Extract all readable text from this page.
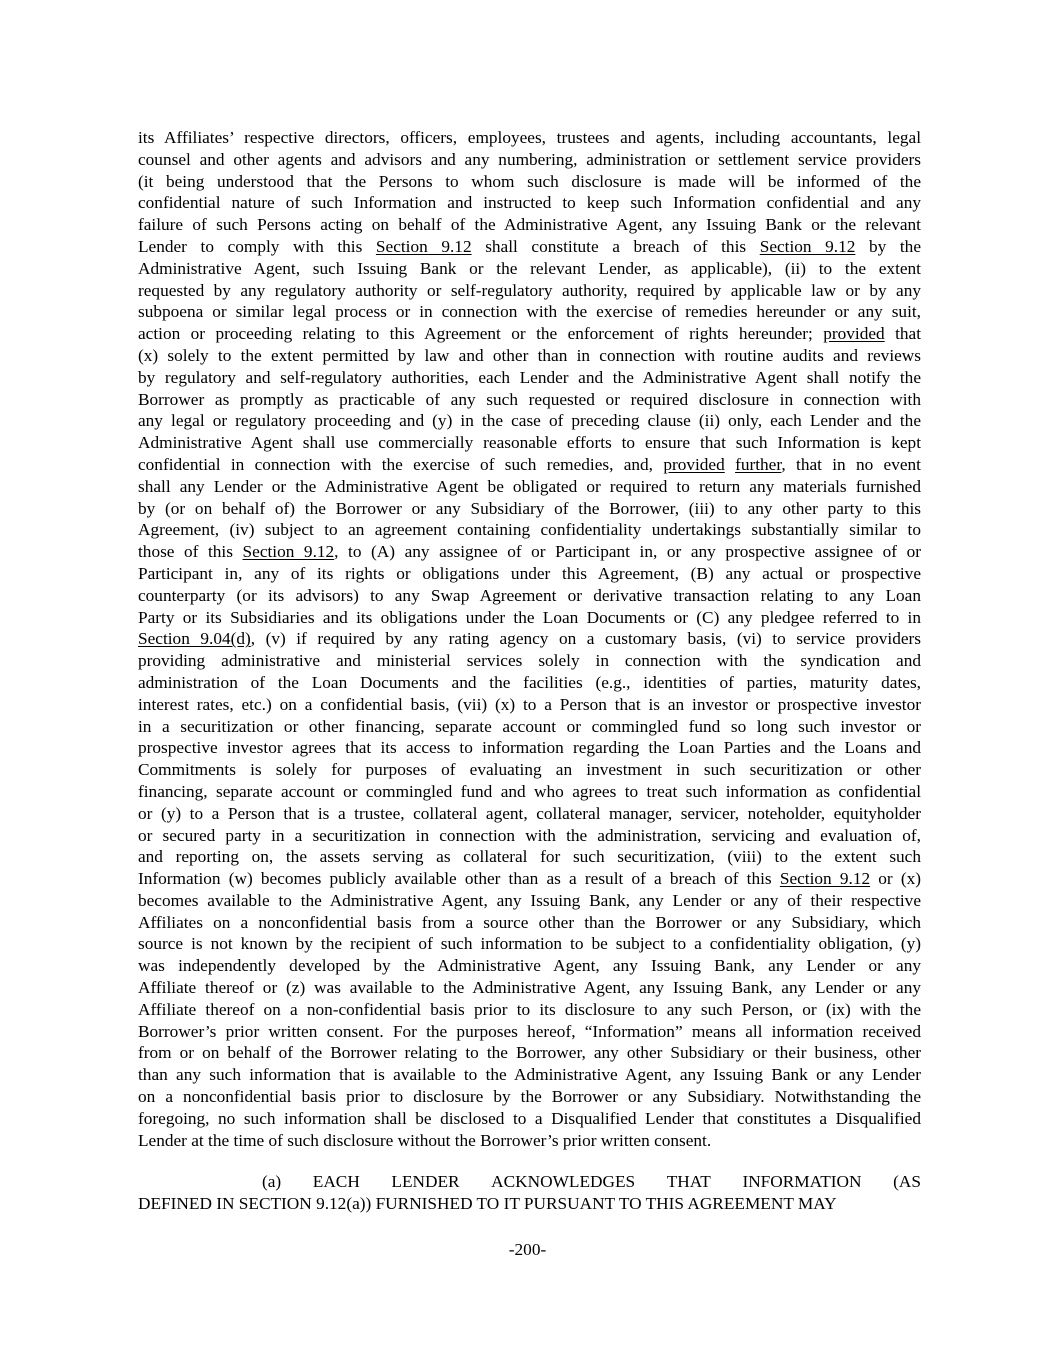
its Affiliates’ respective directors, officers, employees, trustees and agents, including accountants, legal
counsel and other agents and advisors and any numbering, administration or settlement service providers
(it being understood that the Persons to whom such disclosure is made will be informed of the
confidential nature of such Information and instructed to keep such Information confidential and any
failure of such Persons acting on behalf of the Administrative Agent, any Issuing Bank or the relevant
Lender to comply with this Section 9.12 shall constitute a breach of this Section 9.12 by the
Administrative Agent, such Issuing Bank or the relevant Lender, as applicable), (ii) to the extent
requested by any regulatory authority or self-regulatory authority, required by applicable law or by any
subpoena or similar legal process or in connection with the exercise of remedies hereunder or any suit,
action or proceeding relating to this Agreement or the enforcement of rights hereunder; provided that
(x) solely to the extent permitted by law and other than in connection with routine audits and reviews
by regulatory and self-regulatory authorities, each Lender and the Administrative Agent shall notify the
Borrower as promptly as practicable of any such requested or required disclosure in connection with
any legal or regulatory proceeding and (y) in the case of preceding clause (ii) only, each Lender and the
Administrative Agent shall use commercially reasonable efforts to ensure that such Information is kept
confidential in connection with the exercise of such remedies, and, provided further, that in no event
shall any Lender or the Administrative Agent be obligated or required to return any materials furnished
by (or on behalf of) the Borrower or any Subsidiary of the Borrower, (iii) to any other party to this
Agreement, (iv) subject to an agreement containing confidentiality undertakings substantially similar to
those of this Section 9.12, to (A) any assignee of or Participant in, or any prospective assignee of or
Participant in, any of its rights or obligations under this Agreement, (B) any actual or prospective
counterparty (or its advisors) to any Swap Agreement or derivative transaction relating to any Loan
Party or its Subsidiaries and its obligations under the Loan Documents or (C) any pledgee referred to in
Section 9.04(d), (v) if required by any rating agency on a customary basis, (vi) to service providers
providing administrative and ministerial services solely in connection with the syndication and
administration of the Loan Documents and the facilities (e.g., identities of parties, maturity dates,
interest rates, etc.) on a confidential basis, (vii) (x) to a Person that is an investor or prospective investor
in a securitization or other financing, separate account or commingled fund so long such investor or
prospective investor agrees that its access to information regarding the Loan Parties and the Loans and
Commitments is solely for purposes of evaluating an investment in such securitization or other
financing, separate account or commingled fund and who agrees to treat such information as confidential
or (y) to a Person that is a trustee, collateral agent, collateral manager, servicer, noteholder, equityholder
or secured party in a securitization in connection with the administration, servicing and evaluation of,
and reporting on, the assets serving as collateral for such securitization, (viii) to the extent such
Information (w) becomes publicly available other than as a result of a breach of this Section 9.12 or (x)
becomes available to the Administrative Agent, any Issuing Bank, any Lender or any of their respective
Affiliates on a nonconfidential basis from a source other than the Borrower or any Subsidiary, which
source is not known by the recipient of such information to be subject to a confidentiality obligation, (y)
was independently developed by the Administrative Agent, any Issuing Bank, any Lender or any
Affiliate thereof or (z) was available to the Administrative Agent, any Issuing Bank, any Lender or any
Affiliate thereof on a non-confidential basis prior to its disclosure to any such Person, or (ix) with the
Borrower’s prior written consent. For the purposes hereof, “Information” means all information received
from or on behalf of the Borrower relating to the Borrower, any other Subsidiary or their business, other
than any such information that is available to the Administrative Agent, any Issuing Bank or any Lender
on a nonconfidential basis prior to disclosure by the Borrower or any Subsidiary. Notwithstanding the
foregoing, no such information shall be disclosed to a Disqualified Lender that constitutes a Disqualified
Lender at the time of such disclosure without the Borrower’s prior written consent.

(a) EACH LENDER ACKNOWLEDGES THAT INFORMATION (AS
DEFINED IN SECTION 9.12(a)) FURNISHED TO IT PURSUANT TO THIS AGREEMENT MAY
-200-
